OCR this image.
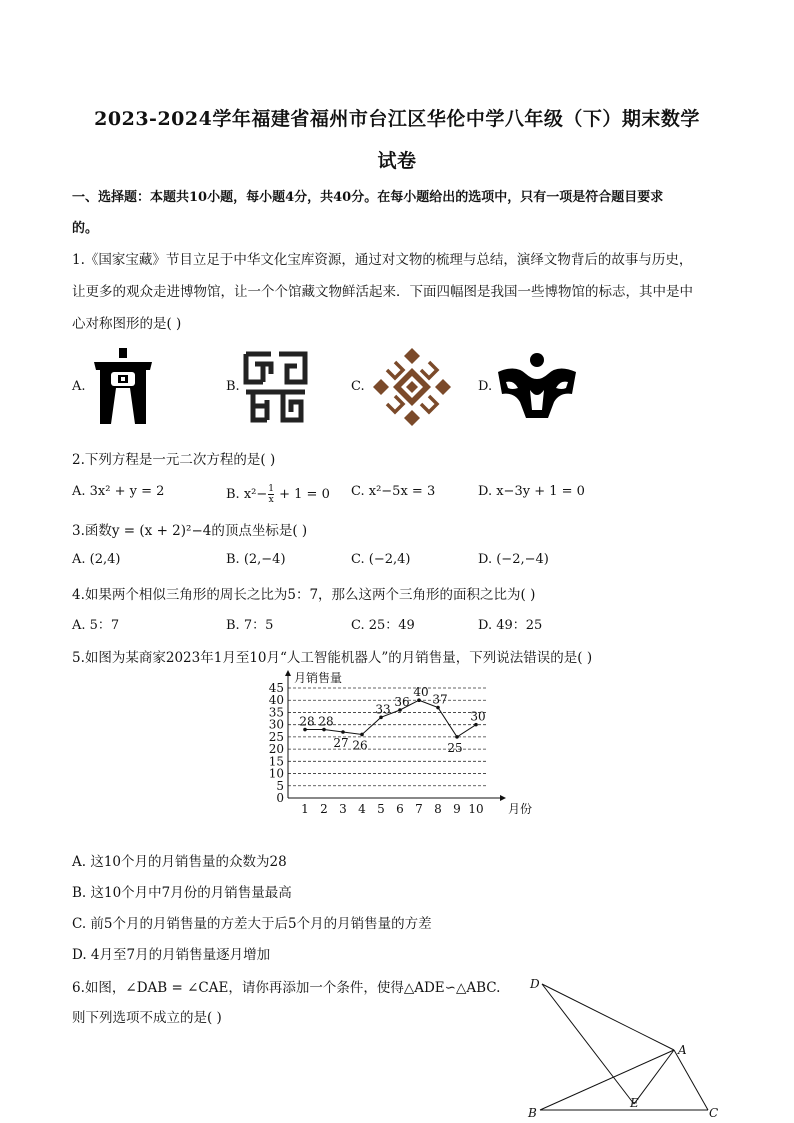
2023-2024学年福建省福州市台江区华伦中学八年级（下）期末数学
试卷
一、选择题：本题共10小题，每小题4分，共40分。在每小题给出的选项中，只有一项是符合题目要求
的。
1.《国家宝藏》节目立足于中华文化宝库资源，通过对文物的梳理与总结，演绎文物背后的故事与历史，
让更多的观众走进博物馆，让一个个馆藏文物鲜活起来．下面四幅图是我国一些博物馆的标志，其中是中
心对称图形的是( )
A.	B.	C.	D.
2.下列方程是一元二次方程的是( )
A. 3x² + y = 2	B. $x^2- \frac{1}{x} + 1 = 0$ C. x²−5x = 3	D. x−3y + 1 = 0
3.函数y = (x + 2)²−4的顶点坐标是( )
A. (2,4)	B. (2,−4)	C. (−2,4)	D. (−2,−4)
4.如果两个相似三角形的周长之比为5：7，那么这两个三角形的面积之比为( )
A. 5：7	B. 7：5	C. 25：49	D. 49：25
5.如图为某商家2023年1月至10月“人工智能机器人”的月销售量，下列说法错误的是( )
0
5
10
15
20
25
30
35
40
45
月销售量
月份
1 2 3 4 5 6 7 8 9 10
28 28
27 26
33
36
40
37
25
30
A. 这10个月的月销售量的众数为28
B. 这10个月中7月份的月销售量最高
C. 前5个月的月销售量的方差大于后5个月的月销售量的方差
D. 4月至7月的月销售量逐月增加
6.如图，∠DAB = ∠CAE，请你再添加一个条件，使得△ADE∽△ABC.
则下列选项不成立的是( )
D
A
B
E
C
